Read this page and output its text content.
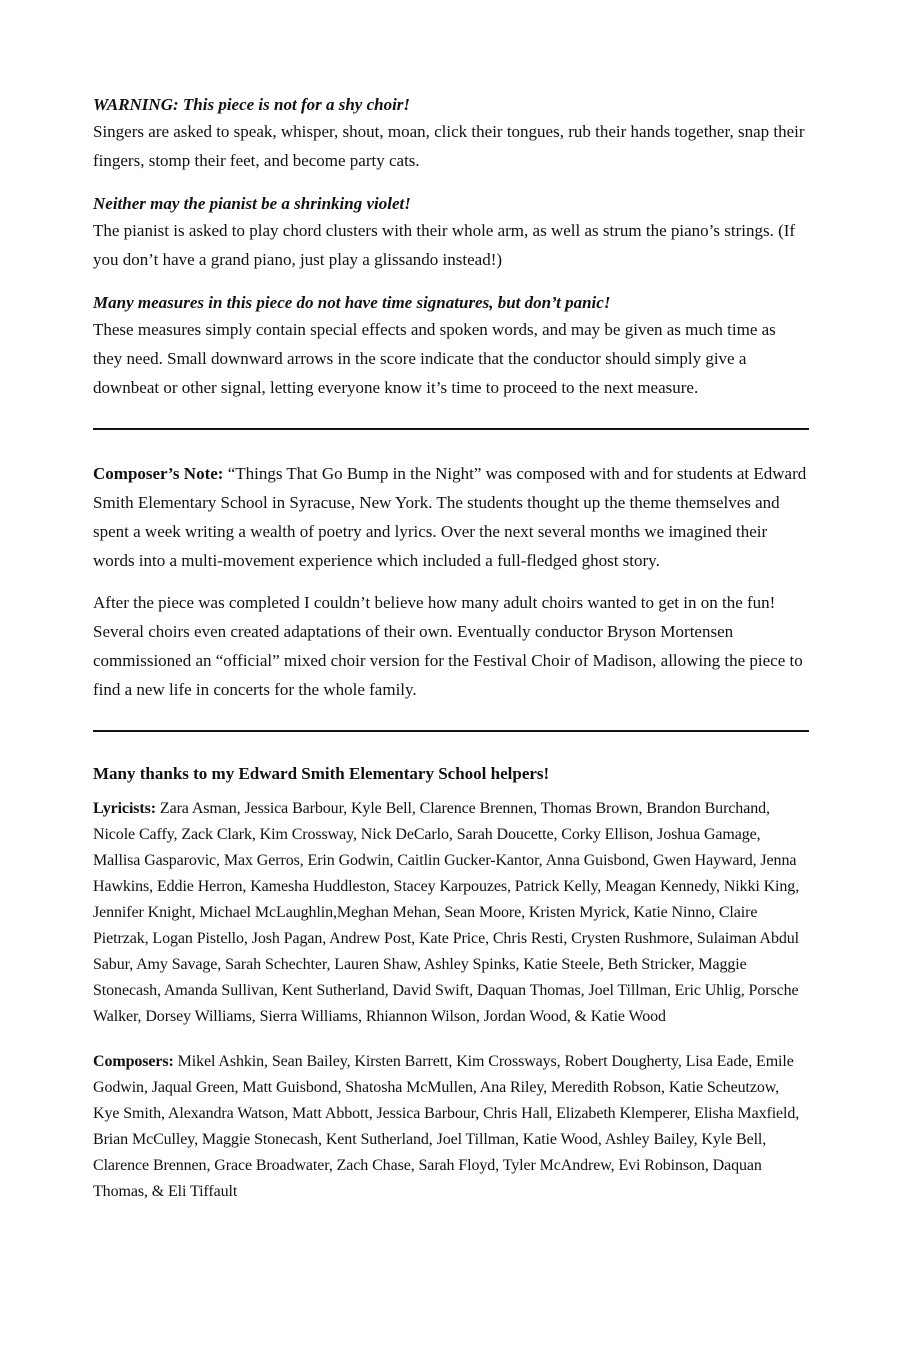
WARNING: This piece is not for a shy choir!

Singers are asked to speak, whisper, shout, moan, click their tongues, rub their hands together, snap their fingers, stomp their feet, and become party cats.

Neither may the pianist be a shrinking violet!

The pianist is asked to play chord clusters with their whole arm, as well as strum the piano’s strings. (If you don’t have a grand piano, just play a glissando instead!)

Many measures in this piece do not have time signatures, but don’t panic!

These measures simply contain special effects and spoken words, and may be given as much time as they need. Small downward arrows in the score indicate that the conductor should simply give a downbeat or other signal, letting everyone know it’s time to proceed to the next measure.

Composer’s Note: “Things That Go Bump in the Night” was composed with and for students at Edward Smith Elementary School in Syracuse, New York. The students thought up the theme themselves and spent a week writing a wealth of poetry and lyrics. Over the next several months we imagined their words into a multi-movement experience which included a full-fledged ghost story.

After the piece was completed I couldn’t believe how many adult choirs wanted to get in on the fun! Several choirs even created adaptations of their own. Eventually conductor Bryson Mortensen commissioned an “official” mixed choir version for the Festival Choir of Madison, allowing the piece to find a new life in concerts for the whole family.

Many thanks to my Edward Smith Elementary School helpers!

Lyricists: Zara Asman, Jessica Barbour, Kyle Bell, Clarence Brennen, Thomas Brown, Brandon Burchand, Nicole Caffy, Zack Clark, Kim Crossway, Nick DeCarlo, Sarah Doucette, Corky Ellison, Joshua Gamage, Mallisa Gasparovic, Max Gerros, Erin Godwin, Caitlin Gucker-Kantor, Anna Guisbond, Gwen Hayward, Jenna Hawkins, Eddie Herron, Kamesha Huddleston, Stacey Karpouzes, Patrick Kelly, Meagan Kennedy, Nikki King, Jennifer Knight, Michael McLaughlin,Meghan Mehan, Sean Moore, Kristen Myrick, Katie Ninno, Claire Pietrzak, Logan Pistello, Josh Pagan, Andrew Post, Kate Price, Chris Resti, Crysten Rushmore, Sulaiman Abdul Sabur, Amy Savage, Sarah Schechter, Lauren Shaw, Ashley Spinks, Katie Steele, Beth Stricker, Maggie Stonecash, Amanda Sullivan, Kent Sutherland, David Swift, Daquan Thomas, Joel Tillman, Eric Uhlig, Porsche Walker, Dorsey Williams, Sierra Williams, Rhiannon Wilson, Jordan Wood, & Katie Wood

Composers: Mikel Ashkin, Sean Bailey, Kirsten Barrett, Kim Crossways, Robert Dougherty, Lisa Eade, Emile Godwin, Jaqual Green, Matt Guisbond, Shatosha McMullen, Ana Riley, Meredith Robson, Katie Scheutzow, Kye Smith, Alexandra Watson, Matt Abbott, Jessica Barbour, Chris Hall, Elizabeth Klemperer, Elisha Maxfield, Brian McCulley, Maggie Stonecash, Kent Sutherland, Joel Tillman, Katie Wood, Ashley Bailey, Kyle Bell, Clarence Brennen, Grace Broadwater, Zach Chase, Sarah Floyd, Tyler McAndrew, Evi Robinson, Daquan Thomas, & Eli Tiffault
